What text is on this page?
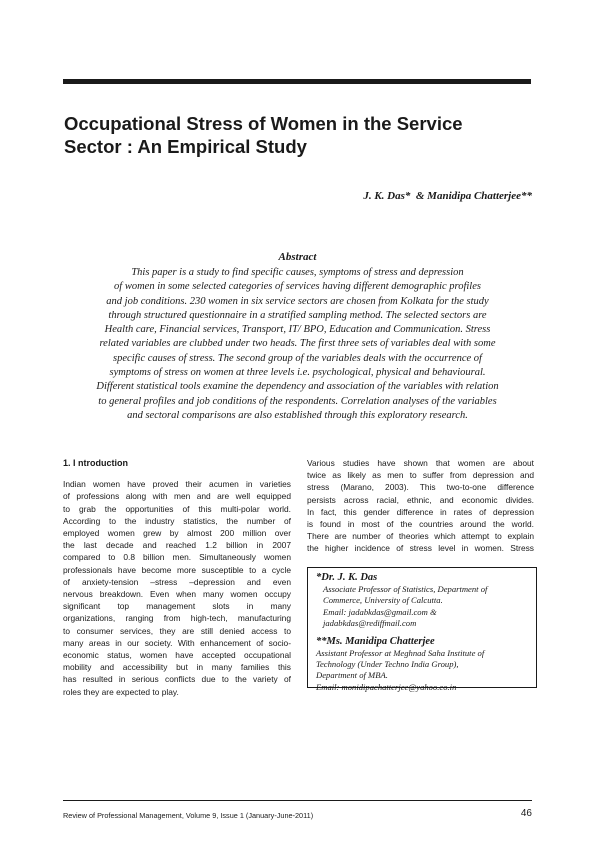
Occupational Stress of Women in the Service
Sector : An Empirical Study
J. K. Das*  & Manidipa Chatterjee**
Abstract
This paper is a study to find specific causes, symptoms of stress and depression
of women in some selected categories of services having different demographic profiles
and job conditions. 230 women in six service sectors are chosen from Kolkata for the study
through structured questionnaire in a stratified sampling method. The selected sectors are
Health care, Financial services, Transport, IT/ BPO, Education and Communication. Stress
related variables are clubbed under two heads. The first three sets of variables deal with some
specific causes of stress. The second group of the variables deals with the occurrence of
symptoms of stress on women at three levels i.e. psychological, physical and behavioural.
Different statistical tools examine the dependency and association of the variables with relation
to general profiles and job conditions of the respondents. Correlation analyses of the variables
and sectoral comparisons are also established through this exploratory research.
1. I ntroduction

Indian women have proved their acumen in varieties
of professions along with men and are well equipped
to grab the opportunities of this multi-polar world.
According to the industry statistics, the number of
employed women grew by almost 200 million over
the last decade and reached 1.2 billion in 2007
compared to 0.8 billion men. Simultaneously women
professionals have become more susceptible to a cycle
of anxiety-tension –stress –depression and even
nervous breakdown. Even when many women occupy
significant top management slots in many
organizations, ranging from high-tech, manufacturing
to consumer services, they are still denied access to
many areas in our society. With enhancement of socio-
economic status, women have accepted occupational
mobility and accessibility but in many families this
has resulted in serious conflicts due to the variety of
roles they are expected to play.

Various studies have shown that women are about
twice as likely as men to suffer from depression and
stress (Marano, 2003). This two-to-one difference
persists across racial, ethnic, and economic divides.
In fact, this gender difference in rates of depression
is found in most of the countries around the world.
There are number of theories which attempt to explain
the higher incidence of stress level in women. Stress

*Dr. J. K. Das
Associate Professor of Statistics, Department of
Commerce, University of Calcutta.
Email: jadabkdas@gmail.com &
jadabkdas@rediffmail.com
**Ms. Manidipa Chatterjee
Assistant Professor at Meghnad Saha Institute of
Technology (Under Techno India Group),
Department of MBA.
Email: monidipachatterjee@yahoo.co.in
Review of Professional Management, Volume 9, Issue 1 (January-June-2011)	46
